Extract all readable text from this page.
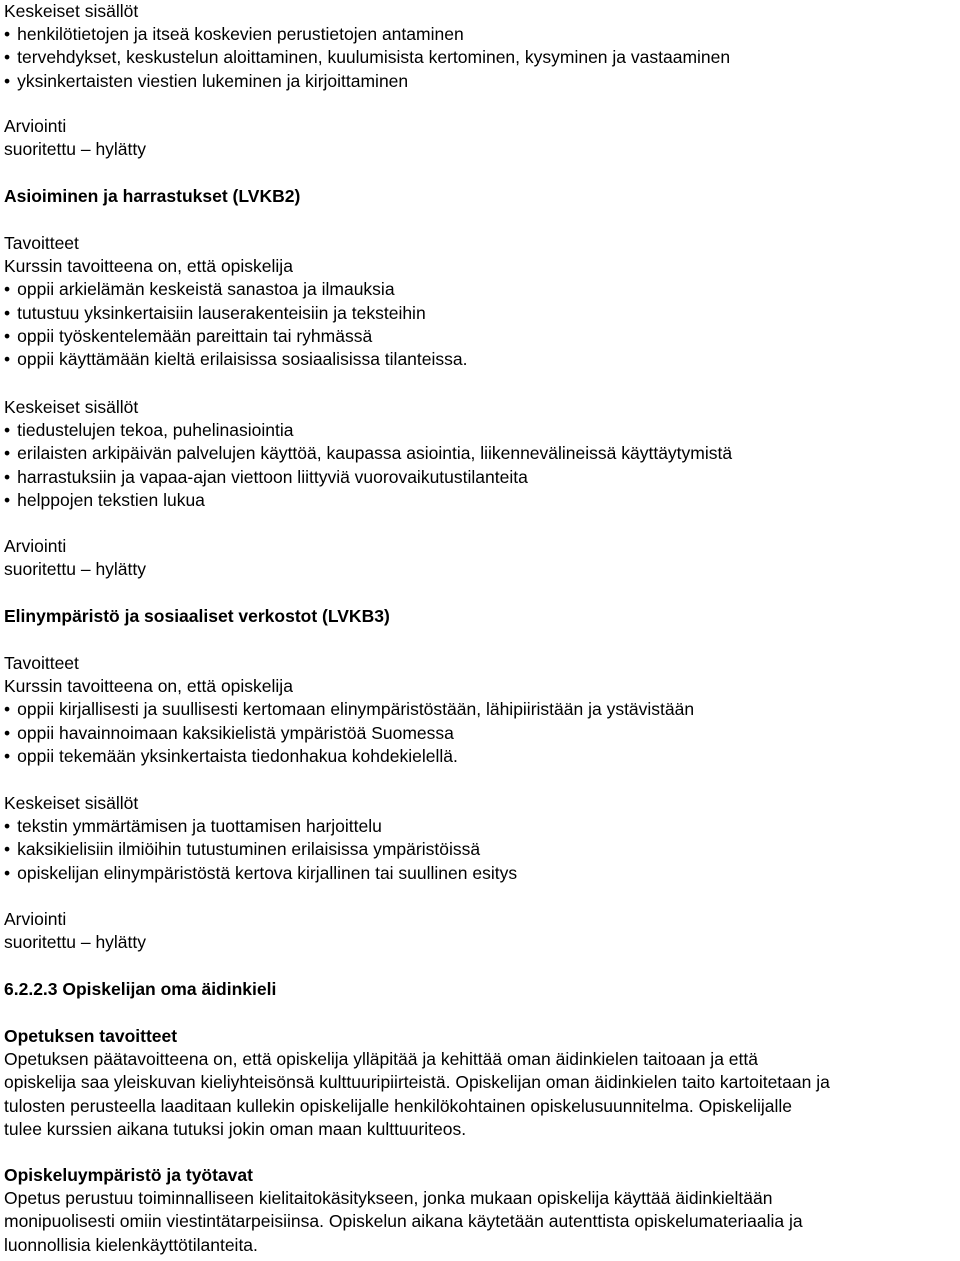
Keskeiset sisällöt

• henkilötietojen ja itseä koskevien perustietojen antaminen

• tervehdykset, keskustelun aloittaminen, kuulumisista kertominen, kysyminen ja vastaaminen

• yksinkertaisten viestien lukeminen ja kirjoittaminen

Arviointi

suoritettu – hylätty

Asioiminen ja harrastukset (LVKB2)

Tavoitteet

Kurssin tavoitteena on, että opiskelija

• oppii arkielämän keskeistä sanastoa ja ilmauksia

• tutustuu yksinkertaisiin lauserakenteisiin ja teksteihin

• oppii työskentelemään pareittain tai ryhmässä

• oppii käyttämään kieltä erilaisissa sosiaalisissa tilanteissa.

Keskeiset sisällöt

• tiedustelujen tekoa, puhelinasiointia

• erilaisten arkipäivän palvelujen käyttöä, kaupassa asiointia, liikennevälineissä käyttäytymistä

• harrastuksiin ja vapaa-ajan viettoon liittyviä vuorovaikutustilanteita

• helppojen tekstien lukua

Arviointi

suoritettu – hylätty

Elinympäristö ja sosiaaliset verkostot (LVKB3)

Tavoitteet

Kurssin tavoitteena on, että opiskelija

• oppii kirjallisesti ja suullisesti kertomaan elinympäristöstään, lähipiiristään ja ystävistään

• oppii havainnoimaan kaksikielistä ympäristöä Suomessa

• oppii tekemään yksinkertaista tiedonhakua kohdekielellä.

Keskeiset sisällöt

• tekstin ymmärtämisen ja tuottamisen harjoittelu

• kaksikielisiin ilmiöihin tutustuminen erilaisissa ympäristöissä

• opiskelijan elinympäristöstä kertova kirjallinen tai suullinen esitys

Arviointi

suoritettu – hylätty

6.2.2.3 Opiskelijan oma äidinkieli

Opetuksen tavoitteet

Opetuksen päätavoitteena on, että opiskelija ylläpitää ja kehittää oman äidinkielen taitoaan ja että

opiskelija saa yleiskuvan kieliyhteisönsä kulttuuripiirteistä. Opiskelijan oman äidinkielen taito kartoitetaan ja

tulosten perusteella laaditaan kullekin opiskelijalle henkilökohtainen opiskelusuunnitelma. Opiskelijalle

tulee kurssien aikana tutuksi jokin oman maan kulttuuriteos.

Opiskeluympäristö ja työtavat

Opetus perustuu toiminnalliseen kielitaitokäsitykseen, jonka mukaan opiskelija käyttää äidinkieltään

monipuolisesti omiin viestintätarpeisiinsa. Opiskelun aikana käytetään autenttista opiskelumateriaalia ja

luonnollisia kielenkäyttötilanteita.
